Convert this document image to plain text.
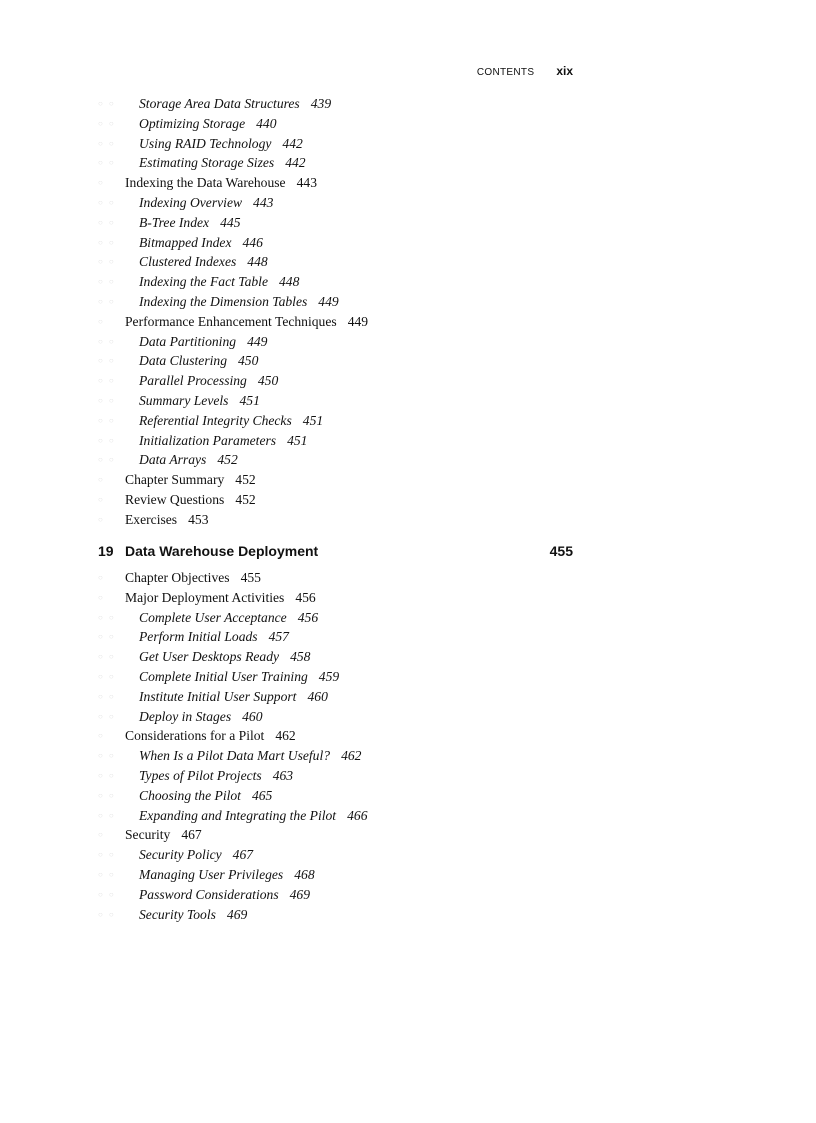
CONTENTS xix
○○ Storage Area Data Structures 439
○○ Optimizing Storage 440
○○ Using RAID Technology 442
○○ Estimating Storage Sizes 442
○ Indexing the Data Warehouse 443
○○ Indexing Overview 443
○○ B-Tree Index 445
○○ Bitmapped Index 446
○○ Clustered Indexes 448
○○ Indexing the Fact Table 448
○○ Indexing the Dimension Tables 449
○ Performance Enhancement Techniques 449
○○ Data Partitioning 449
○○ Data Clustering 450
○○ Parallel Processing 450
○○ Summary Levels 451
○○ Referential Integrity Checks 451
○○ Initialization Parameters 451
○○ Data Arrays 452
○ Chapter Summary 452
○ Review Questions 452
○ Exercises 453
19 Data Warehouse Deployment	455
○ Chapter Objectives 455
○ Major Deployment Activities 456
○○ Complete User Acceptance 456
○○ Perform Initial Loads 457
○○ Get User Desktops Ready 458
○○ Complete Initial User Training 459
○○ Institute Initial User Support 460
○○ Deploy in Stages 460
○ Considerations for a Pilot 462
○○ When Is a Pilot Data Mart Useful? 462
○○ Types of Pilot Projects 463
○○ Choosing the Pilot 465
○○ Expanding and Integrating the Pilot 466
○ Security 467
○○ Security Policy 467
○○ Managing User Privileges 468
○○ Password Considerations 469
○○ Security Tools 469
